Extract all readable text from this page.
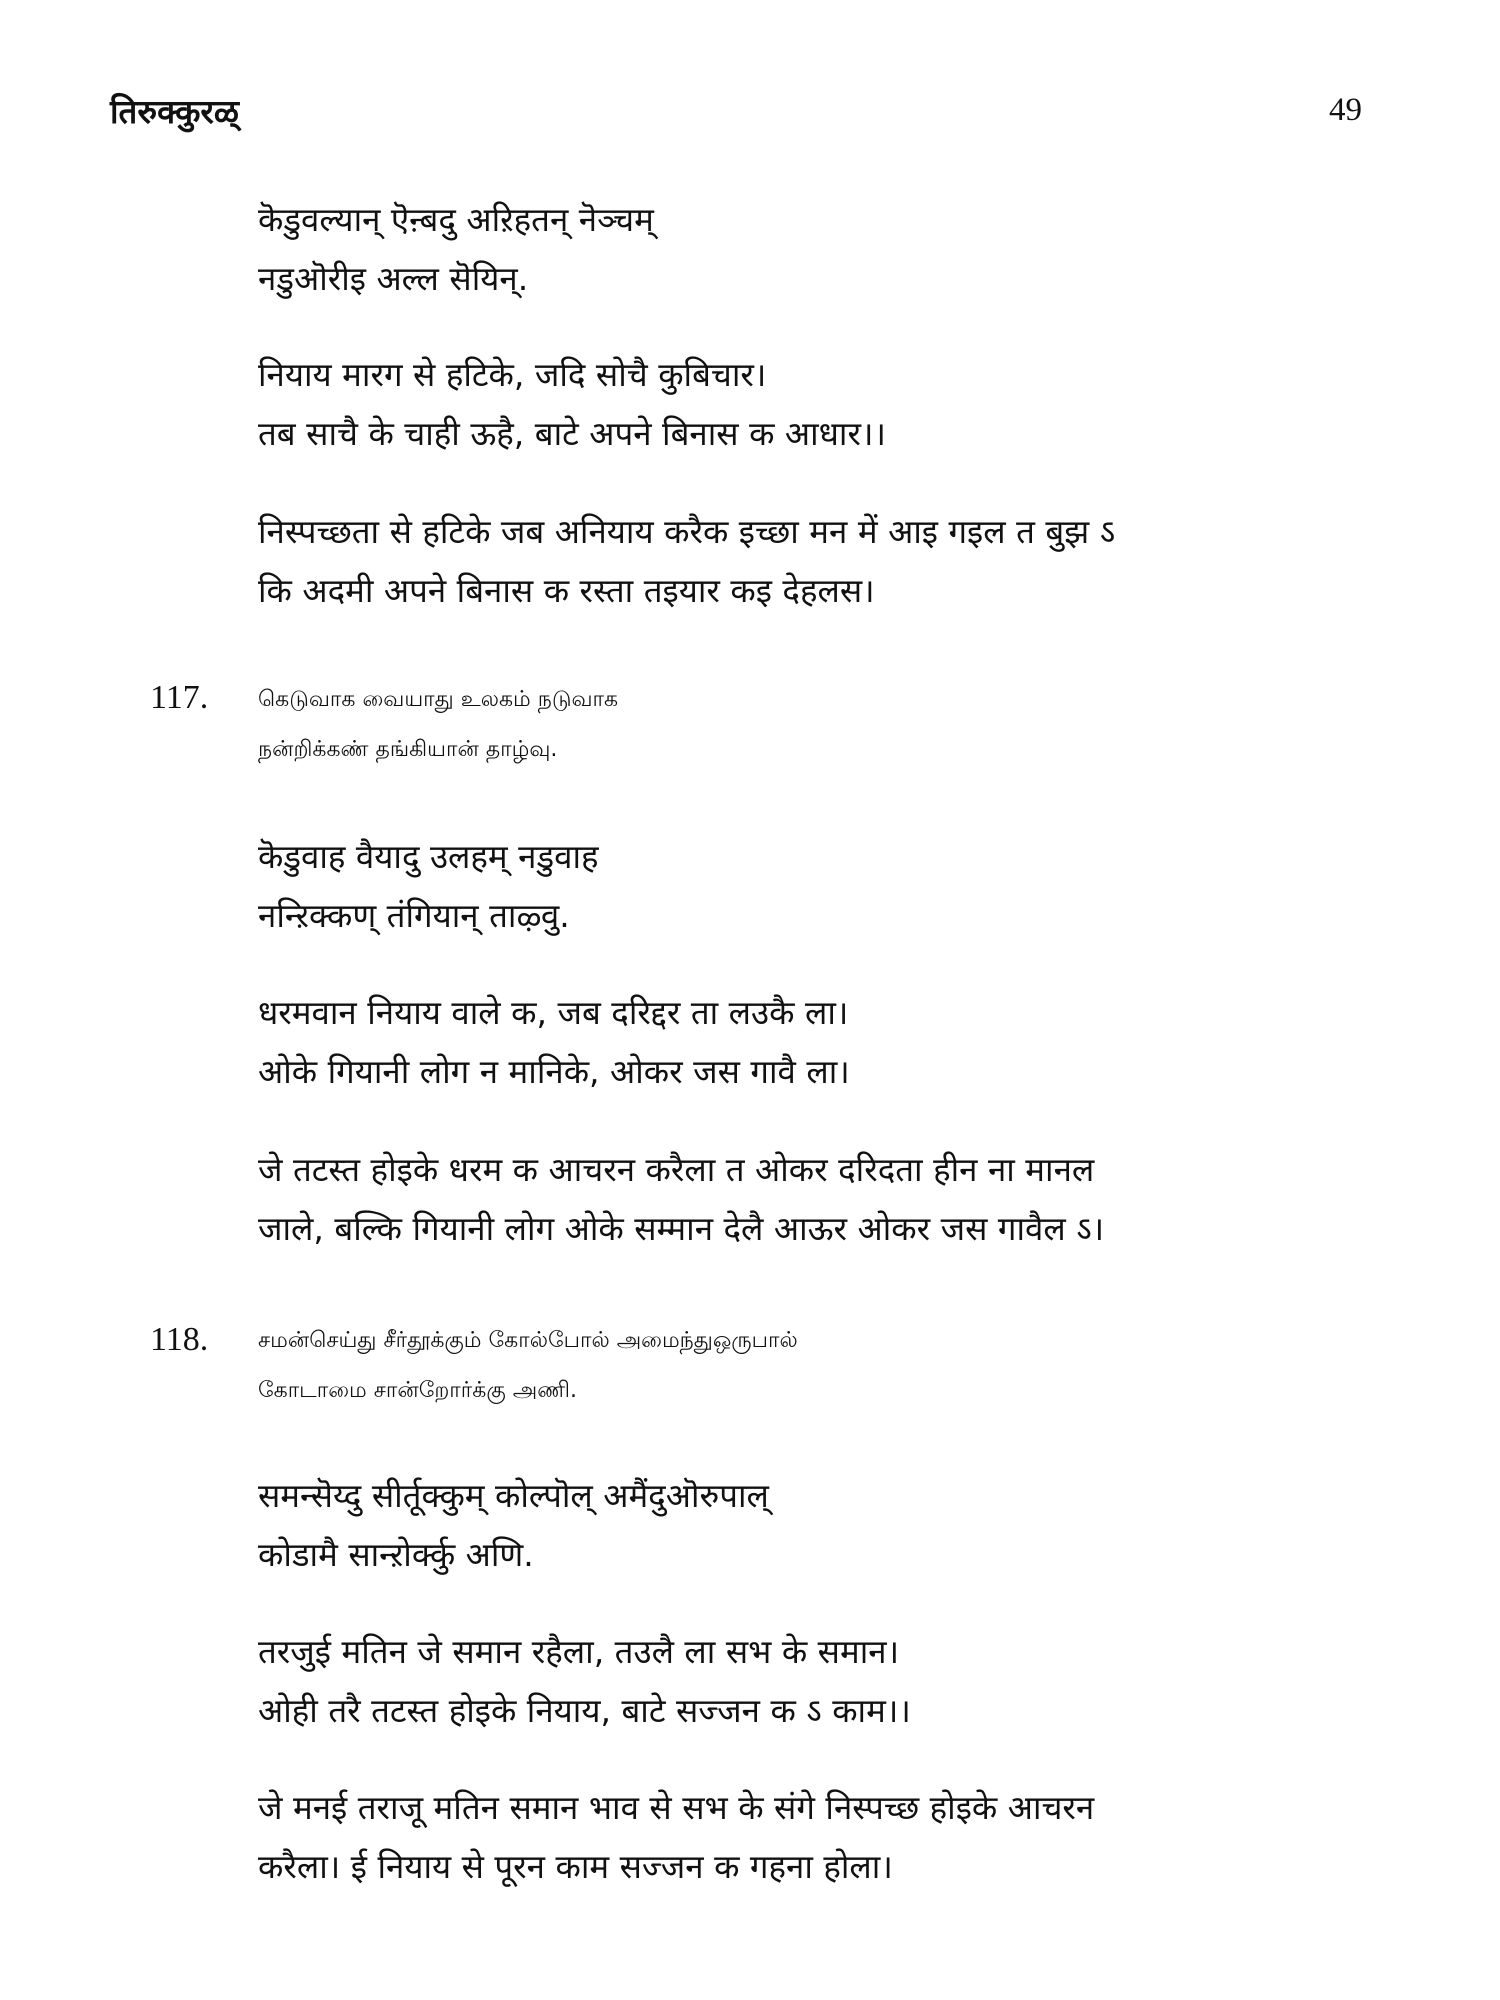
तिरुक्कुरळ्	49
कॆडुवल्यान् ऎऩ्बदु अऱिहतन् नॆञ्चम्
नडुऒरीइ अल्ल सॆयिन्.
नियाय मारग से हटिके, जदि सोचै कुबिचार।
तब साचै के चाही ऊहै, बाटे अपने बिनास क आधार।।
निस्पच्छता से हटिके जब अनियाय करैक इच्छा मन में आइ गइल त बुझ ऽ
कि अदमी अपने बिनास क रस्ता तइयार कइ देहलस।
117. கெடுவாக வையாது உலகம் நடுவாக
நன்றிக்கண் தங்கியான் தாழ்வு.
कॆडुवाह वैयादु उलहम् नडुवाह
नन्ऱिक्कण् तंगियान् ताऴ्वु.
धरमवान नियाय वाले क, जब दरिद्दर ता लउकै ला।
ओके गियानी लोग न मानिके, ओकर जस गावै ला।
जे तटस्त होइके धरम क आचरन करैला त ओकर दरिदता हीन ना मानल
जाले, बल्कि गियानी लोग ओके सम्मान देलै आऊर ओकर जस गावैल ऽ।
118. சமன்செய்து சீர்தூக்கும் கோல்போல் அமைந்துஒருபால்
கோடாமை சான்றோர்க்கு அணி.
समन्सॆय्दु सीर्तूक्कुम् कोल्पॊल् अमैंदुऒरुपाल्
कोडामै सान्ऱोर्क्कु अणि.
तरजुई मतिन जे समान रहैला, तउलै ला सभ के समान।
ओही तरै तटस्त होइके नियाय, बाटे सज्जन क ऽ काम।।
जे मनई तराजू मतिन समान भाव से सभ के संगे निस्पच्छ होइके आचरन
करैला। ई नियाय से पूरन काम सज्जन क गहना होला।
